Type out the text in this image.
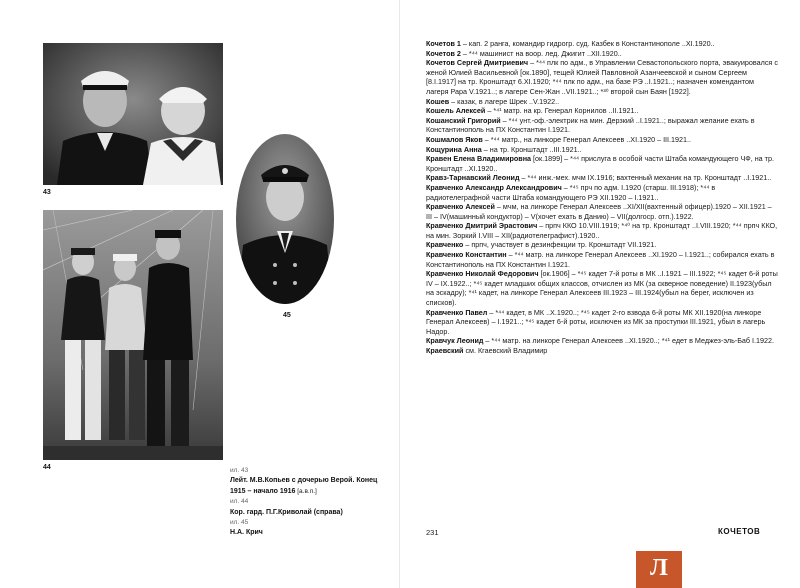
43
44
45
ил. 43
Лейт. М.В.Копьев с дочерью Верой. Конец 1915 – начало 1916 [а.в.п.]
ил. 44
Кор. гард. П.Г.Криволай (справа)
ил. 45
Н.А. Крич

Кочетов 1 – кап. 2 ранга, командир гидрогр. суд. Казбек в Константинополе ..XI.1920..

Кочетов 2 – *⁴⁴ машинист на воор. лед. Джигит ..XII.1920..

Кочетов Сергей Дмитриевич – *⁴⁴ плк по адм., в Управлении Севастопольского порта, эвакуировался с женой Юлией Васильевной [ок.1890], тещей Юлией Павловной Азанчеевской и сыном Сергеем [8.I.1917] на тр. Кронштадт 6.XI.1920; *⁴⁴ плк по адм., на базе РЭ ..I.1921..; назначен комендантом лагеря Рара V.1921..; в лагере Сен-Жан ..VII.1921..; *³⁰ второй сын Баян [1922].

Кошев – казак, в лагере Шрек ..V.1922..

Кошель Алексей – *⁴¹ матр. на кр. Генерал Корнилов ..II.1921..

Кошанский Григорий – *⁴⁴ унт.-оф.-электрик на мин. Дерзкий ..I.1921..; выражал желание ехать в Константинополь на ПХ Константин I.1921.

Кошмалов Яков – *⁴⁴ матр., на линкоре Генерал Алексеев ..XI.1920 – III.1921..

Кощурина Анна – на тр. Кронштадт ..III.1921..

Кравен Елена Владимировна [ок.1899] – *⁴⁴ прислуга в особой части Штаба командующего ЧФ, на тр. Кронштадт ..XI.1920..

Кравз-Тарнавский Леонид – *⁴⁴ инж.-мех. мчм IX.1916; вахтенный механик на тр. Кронштадт ..I.1921..

Кравченко Александр Александрович – *⁴⁵ прч по адм. I.1920 (старш. III.1918); *⁴⁴ в радиотелеграфной части Штаба командующего РЭ XII.1920 – I.1921..

Кравченко Алексей – мчм, на линкоре Генерал Алексеев ..XI/XII(вахтенный офицер).1920 – XII.1921 – III – IV(машинный кондуктор) – V(хочет ехать в Данию) – VII(долгоср. отп.).1922.

Кравченко Дмитрий Эрастович – прпч ККО 10.VIII.1919; *⁴⁰ на тр. Кронштадт ..I.VIII.1920; *⁴⁴ прпч ККО, на мин. Зоркий I.VIII – XII(радиотелеграфист).1920..

Кравченко – прпч, участвует в дезинфекции тр. Кронштадт VII.1921.

Кравченко Константин – *⁴⁴ матр. на линкоре Генерал Алексеев ..XI.1920 – I.1921..; собирался ехать в Константинополь на ПХ Константин I.1921.

Кравченко Николай Федорович [ок.1906] – *⁴⁵ кадет 7-й роты в МК ..I.1921 – III.1922; *⁴⁵ кадет 6-й роты IV – IX.1922..; *⁴⁵ кадет младших общих классов, отчислен из МК (за скверное поведение) II.1923(убыл на эскадру); *⁴¹ кадет, на линкоре Генерал Алексеев III.1923 – III.1924(убыл на берег, исключен из списков).

Кравченко Павел – *⁴⁴ кадет, в МК ..X.1920..; *⁴⁵ кадет 2-го взвода 6-й роты МК XII.1920(на линкоре Генерал Алексеев) – I.1921..; *⁴⁵ кадет 6-й роты, исключен из МК за проступки III.1921, убыл в лагерь Надор.

Кравчук Леонид – *⁴⁴ матр. на линкоре Генерал Алексеев ..XI.1920..; *⁴¹ едет в Меджез-эль-Баб I.1922.

Краевский см. Кгаевский Владимир

231	КОЧЕТОВ
Л
